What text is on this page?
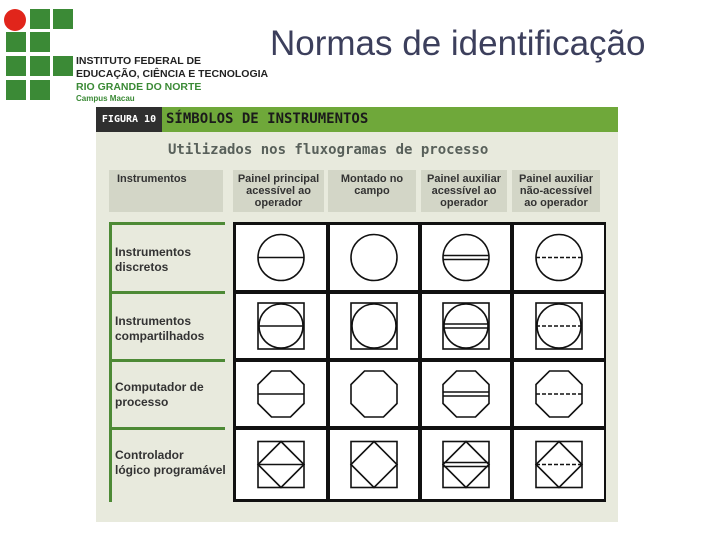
INSTITUTO FEDERAL DE
EDUCAÇÃO, CIÊNCIA E TECNOLOGIA
RIO GRANDE DO NORTE
Campus Macau
Normas de identificação
FIGURA 10 SÍMBOLOS DE INSTRUMENTOS
Utilizados nos fluxogramas de processo
Instrumentos	Painel principal
acessível ao
operador
Montado no
campo
Painel auxiliar
acessível ao
operador
Painel auxiliar
não-acessível
ao operador
Instrumentos
discretos
Instrumentos
compartilhados
Computador de
processo
Controlador
lógico programável
